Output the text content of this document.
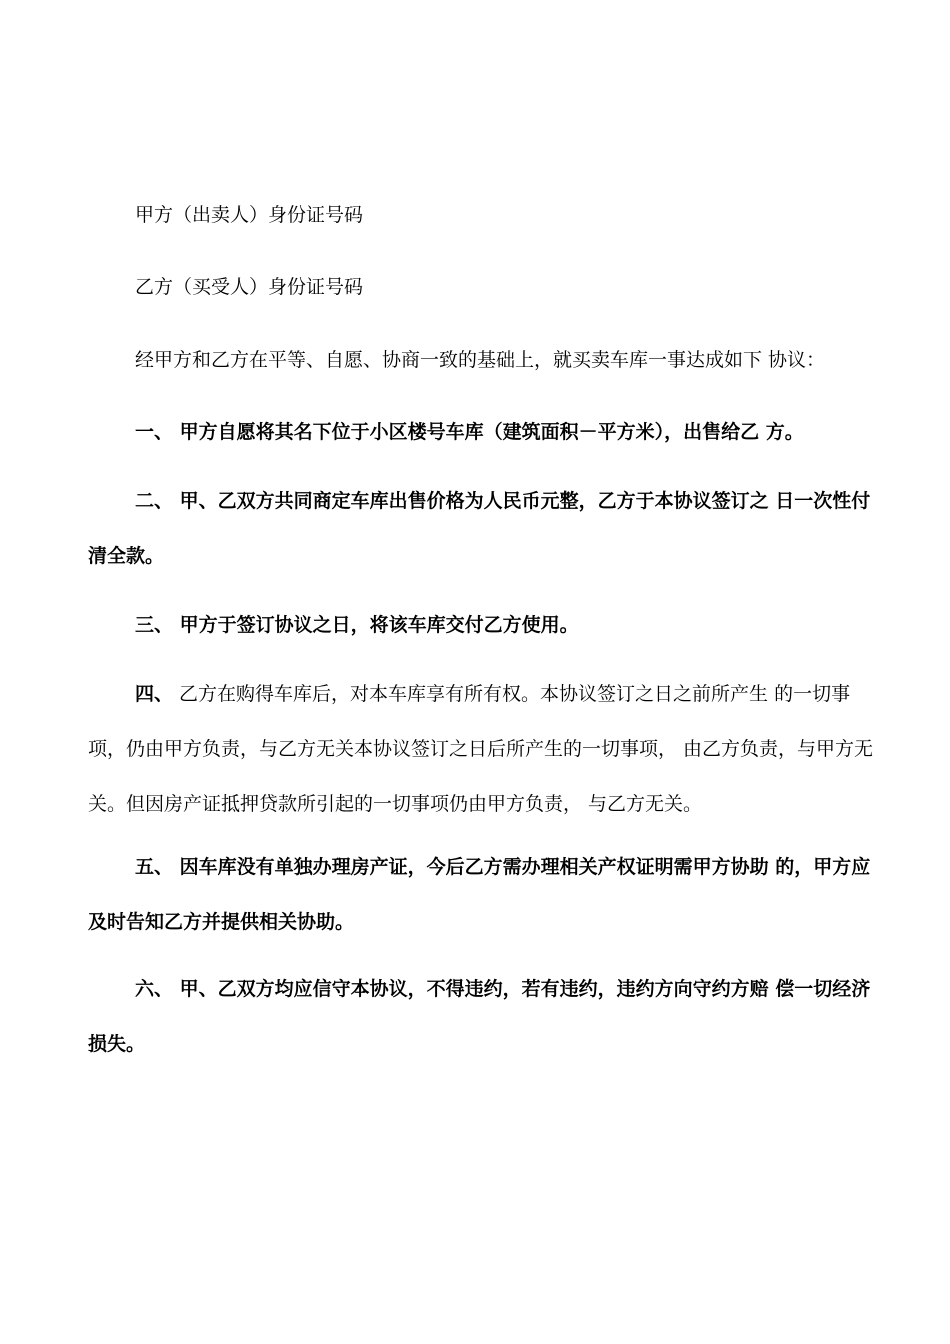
甲方（出卖人）身份证号码

乙方（买受人）身份证号码

经甲方和乙方在平等、自愿、协商一致的基础上，就买卖车库一事达成如下 协议：

一、 甲方自愿将其名下位于小区楼号车库（建筑面积－平方米），出售给乙 方。

二、 甲、乙双方共同商定车库出售价格为人民币元整，乙方于本协议签订之 日一次性付清全款。

三、 甲方于签订协议之日，将该车库交付乙方使用。

四、 乙方在购得车库后，对本车库享有所有权。本协议签订之日之前所产生 的一切事项，仍由甲方负责，与乙方无关本协议签订之日后所产生的一切事项， 由乙方负责，与甲方无关。但因房产证抵押贷款所引起的一切事项仍由甲方负责， 与乙方无关。

五、 因车库没有单独办理房产证，今后乙方需办理相关产权证明需甲方协助 的，甲方应及时告知乙方并提供相关协助。

六、 甲、乙双方均应信守本协议，不得违约，若有违约，违约方向守约方赔 偿一切经济损失。
